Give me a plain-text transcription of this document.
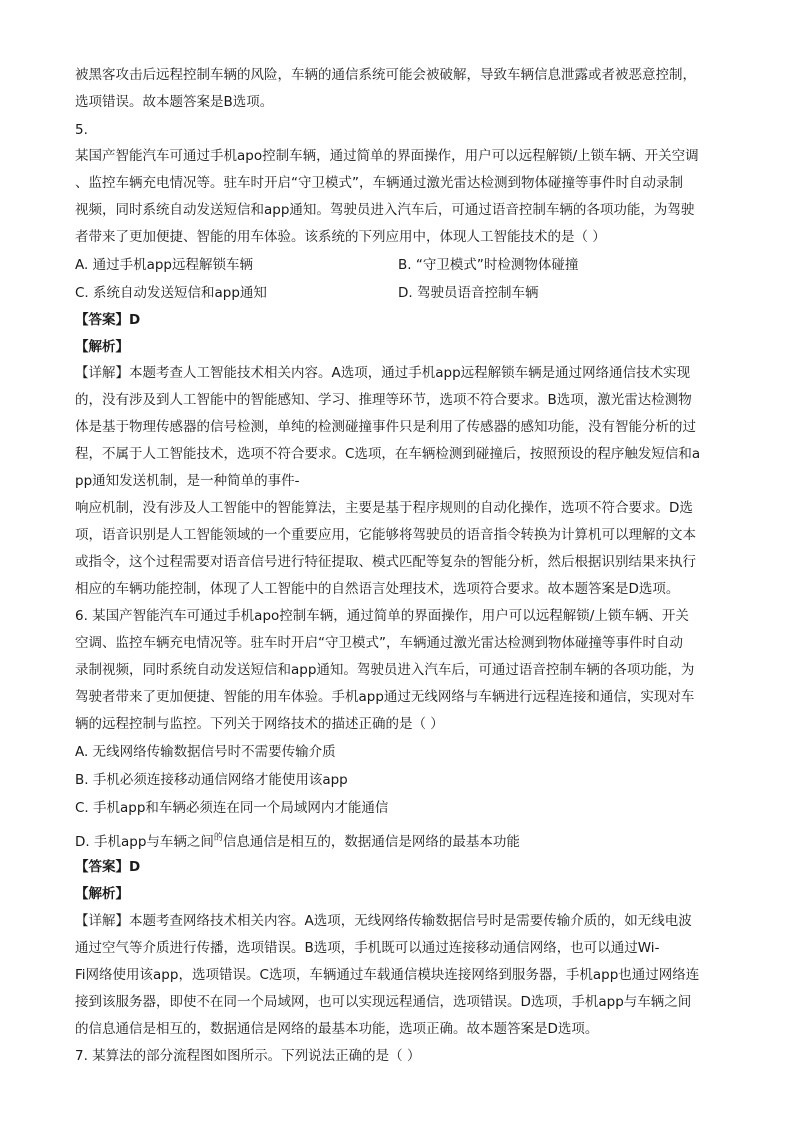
被黑客攻击后远程控制车辆的风险，车辆的通信系统可能会被破解，导致车辆信息泄露或者被恶意控制，
选项错误。故本题答案是B选项。
5.
某国产智能汽车可通过手机apo控制车辆，通过简单的界面操作，用户可以远程解锁/上锁车辆、开关空调
、监控车辆充电情况等。驻车时开启“守卫模式”，车辆通过激光雷达检测到物体碰撞等事件时自动录制
视频，同时系统自动发送短信和app通知。驾驶员进入汽车后，可通过语音控制车辆的各项功能，为驾驶
者带来了更加便捷、智能的用车体验。该系统的下列应用中，体现人工智能技术的是（ ）
A. 通过手机app远程解锁车辆	B. “守卫模式”时检测物体碰撞
C. 系统自动发送短信和app通知	D. 驾驶员语音控制车辆
【答案】D
【解析】
【详解】本题考查人工智能技术相关内容。A选项，通过手机app远程解锁车辆是通过网络通信技术实现
的，没有涉及到人工智能中的智能感知、学习、推理等环节，选项不符合要求。B选项，激光雷达检测物
体是基于物理传感器的信号检测，单纯的检测碰撞事件只是利用了传感器的感知功能，没有智能分析的过
程，不属于人工智能技术，选项不符合要求。C选项，在车辆检测到碰撞后，按照预设的程序触发短信和a
pp通知发送机制，是一种简单的事件-
响应机制，没有涉及人工智能中的智能算法，主要是基于程序规则的自动化操作，选项不符合要求。D选
项，语音识别是人工智能领域的一个重要应用，它能够将驾驶员的语音指令转换为计算机可以理解的文本
或指令，这个过程需要对语音信号进行特征提取、模式匹配等复杂的智能分析，然后根据识别结果来执行
相应的车辆功能控制，体现了人工智能中的自然语言处理技术，选项符合要求。故本题答案是D选项。
6. 某国产智能汽车可通过手机apo控制车辆，通过简单的界面操作，用户可以远程解锁/上锁车辆、开关
空调、监控车辆充电情况等。驻车时开启“守卫模式”，车辆通过激光雷达检测到物体碰撞等事件时自动
录制视频，同时系统自动发送短信和app通知。驾驶员进入汽车后，可通过语音控制车辆的各项功能，为
驾驶者带来了更加便捷、智能的用车体验。手机app通过无线网络与车辆进行远程连接和通信，实现对车
辆的远程控制与监控。下列关于网络技术的描述正确的是（ ）
A. 无线网络传输数据信号时不需要传输介质
B. 手机必须连接移动通信网络才能使用该app
C. 手机app和车辆必须连在同一个局域网内才能通信
D. 手机app与车辆之间$^的$信息通信是相互的，数据通信是网络的最基本功能
【答案】D
【解析】
【详解】本题考查网络技术相关内容。A选项，无线网络传输数据信号时是需要传输介质的，如无线电波
通过空气等介质进行传播，选项错误。B选项，手机既可以通过连接移动通信网络，也可以通过Wi-
Fi网络使用该app，选项错误。C选项，车辆通过车载通信模块连接网络到服务器，手机app也通过网络连
接到该服务器，即使不在同一个局域网，也可以实现远程通信，选项错误。D选项，手机app与车辆之间
的信息通信是相互的，数据通信是网络的最基本功能，选项正确。故本题答案是D选项。
7. 某算法的部分流程图如图所示。下列说法正确的是（ ）
